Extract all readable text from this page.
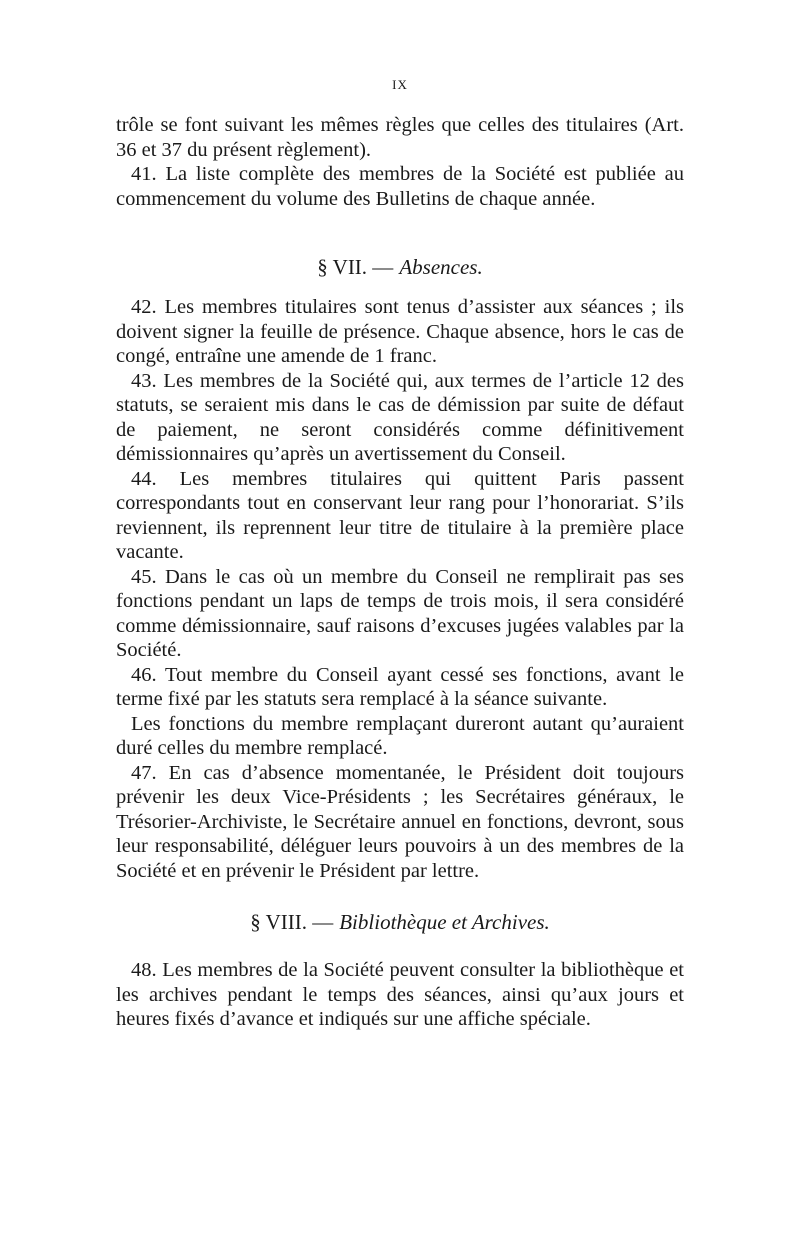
IX

trôle se font suivant les mêmes règles que celles des titulaires (Art. 36 et 37 du présent règlement).

41. La liste complète des membres de la Société est publiée au commencement du volume des Bulletins de chaque année.

§ VII. — Absences.

42. Les membres titulaires sont tenus d’assister aux séances ; ils doivent signer la feuille de présence. Chaque absence, hors le cas de congé, entraîne une amende de 1 franc.

43. Les membres de la Société qui, aux termes de l’article 12 des statuts, se seraient mis dans le cas de démission par suite de défaut de paiement, ne seront considérés comme définitivement démissionnaires qu’après un avertissement du Conseil.

44. Les membres titulaires qui quittent Paris passent correspondants tout en conservant leur rang pour l’honorariat. S’ils reviennent, ils reprennent leur titre de titulaire à la première place vacante.

45. Dans le cas où un membre du Conseil ne remplirait pas ses fonctions pendant un laps de temps de trois mois, il sera considéré comme démissionnaire, sauf raisons d’excuses jugées valables par la Société.

46. Tout membre du Conseil ayant cessé ses fonctions, avant le terme fixé par les statuts sera remplacé à la séance suivante.

Les fonctions du membre remplaçant dureront autant qu’auraient duré celles du membre remplacé.

47. En cas d’absence momentanée, le Président doit toujours prévenir les deux Vice-Présidents ; les Secrétaires généraux, le Trésorier-Archiviste, le Secrétaire annuel en fonctions, devront, sous leur responsabilité, déléguer leurs pouvoirs à un des membres de la Société et en prévenir le Président par lettre.

§ VIII. — Bibliothèque et Archives.

48. Les membres de la Société peuvent consulter la bibliothèque et les archives pendant le temps des séances, ainsi qu’aux jours et heures fixés d’avance et indiqués sur une affiche spéciale.
